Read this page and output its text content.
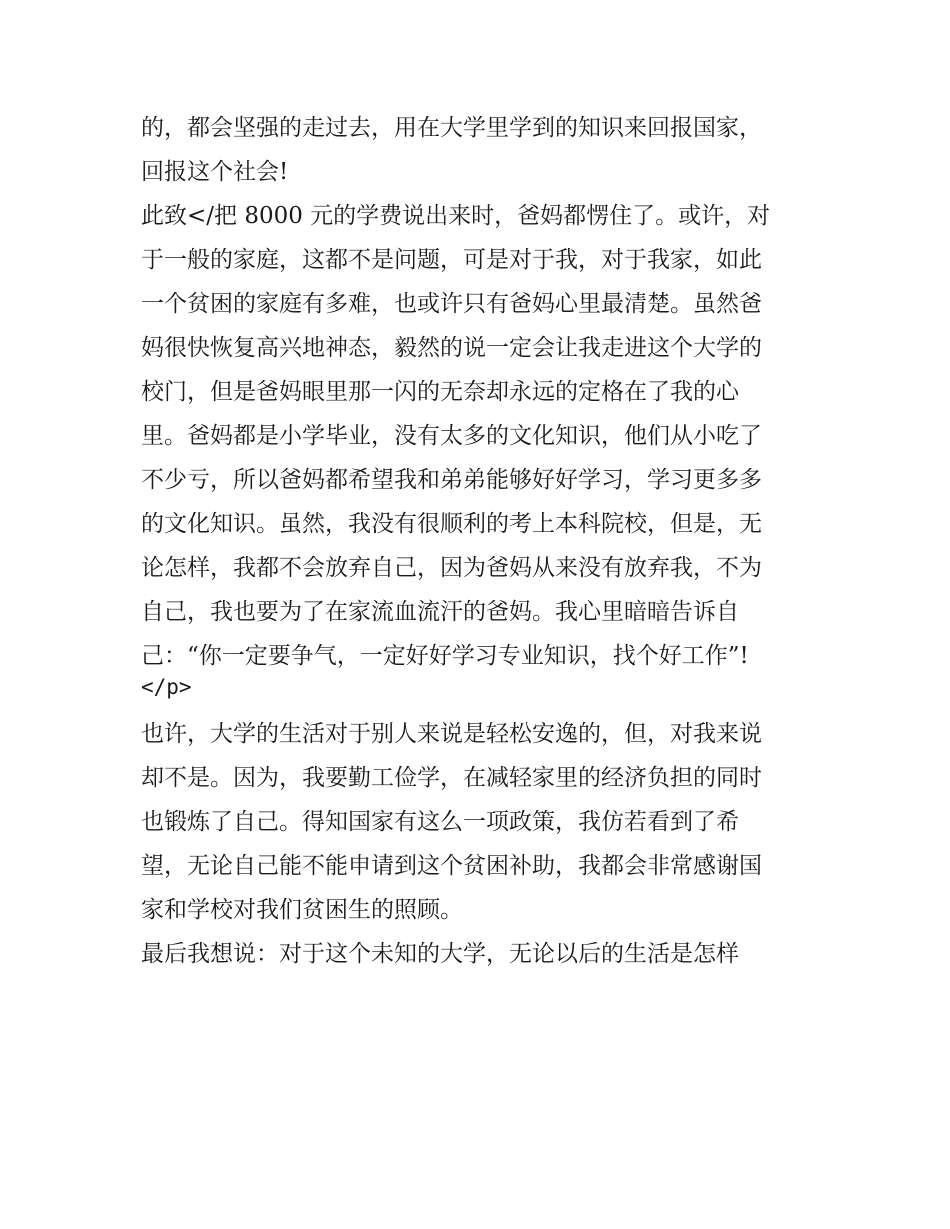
的，都会坚强的走过去，用在大学里学到的知识来回报国家，
回报这个社会!
此致</把 8000 元的学费说出来时，爸妈都愣住了。或许，对
于一般的家庭，这都不是问题，可是对于我，对于我家，如此
一个贫困的家庭有多难，也或许只有爸妈心里最清楚。虽然爸
妈很快恢复高兴地神态，毅然的说一定会让我走进这个大学的
校门，但是爸妈眼里那一闪的无奈却永远的定格在了我的心
里。爸妈都是小学毕业，没有太多的文化知识，他们从小吃了
不少亏，所以爸妈都希望我和弟弟能够好好学习，学习更多多
的文化知识。虽然，我没有很顺利的考上本科院校，但是，无
论怎样，我都不会放弃自己，因为爸妈从来没有放弃我，不为
自己，我也要为了在家流血流汗的爸妈。我心里暗暗告诉自
己：“你一定要争气，一定好好学习专业知识，找个好工作”!
</p>
也许，大学的生活对于别人来说是轻松安逸的，但，对我来说
却不是。因为，我要勤工俭学，在减轻家里的经济负担的同时
也锻炼了自己。得知国家有这么一项政策，我仿若看到了希
望，无论自己能不能申请到这个贫困补助，我都会非常感谢国
家和学校对我们贫困生的照顾。
最后我想说：对于这个未知的大学，无论以后的生活是怎样
